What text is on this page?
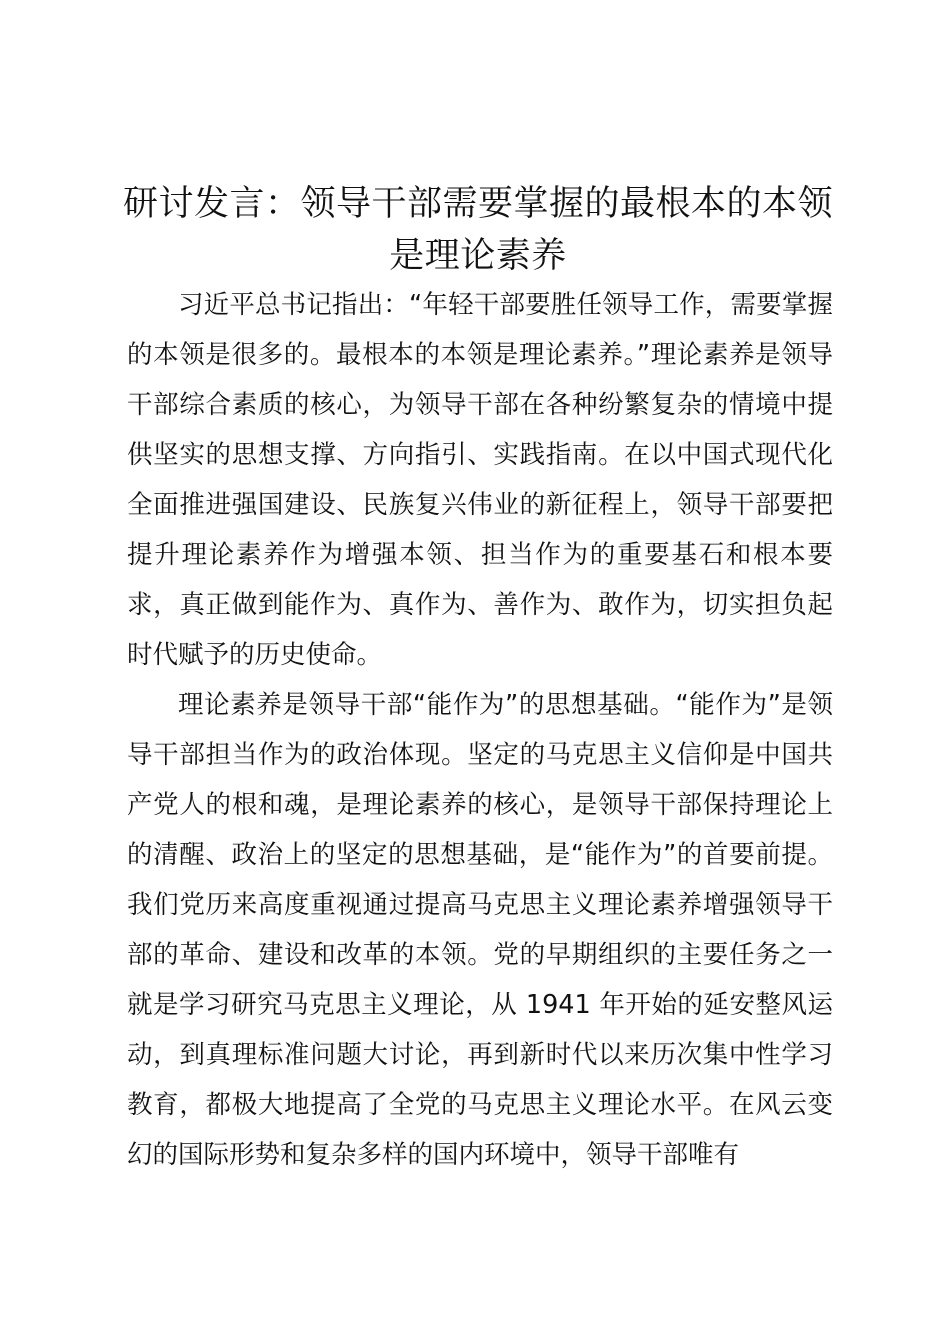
研讨发言：领导干部需要掌握的最根本的本领是理论素养

习近平总书记指出：“年轻干部要胜任领导工作，需要掌握的本领是很多的。最根本的本领是理论素养。”理论素养是领导干部综合素质的核心，为领导干部在各种纷繁复杂的情境中提供坚实的思想支撑、方向指引、实践指南。在以中国式现代化全面推进强国建设、民族复兴伟业的新征程上，领导干部要把提升理论素养作为增强本领、担当作为的重要基石和根本要求，真正做到能作为、真作为、善作为、敢作为，切实担负起时代赋予的历史使命。

理论素养是领导干部“能作为”的思想基础。“能作为”是领导干部担当作为的政治体现。坚定的马克思主义信仰是中国共产党人的根和魂，是理论素养的核心，是领导干部保持理论上的清醒、政治上的坚定的思想基础，是“能作为”的首要前提。我们党历来高度重视通过提高马克思主义理论素养增强领导干部的革命、建设和改革的本领。党的早期组织的主要任务之一就是学习研究马克思主义理论，从 1941 年开始的延安整风运动，到真理标准问题大讨论，再到新时代以来历次集中性学习教育，都极大地提高了全党的马克思主义理论水平。在风云变幻的国际形势和复杂多样的国内环境中，领导干部唯有
